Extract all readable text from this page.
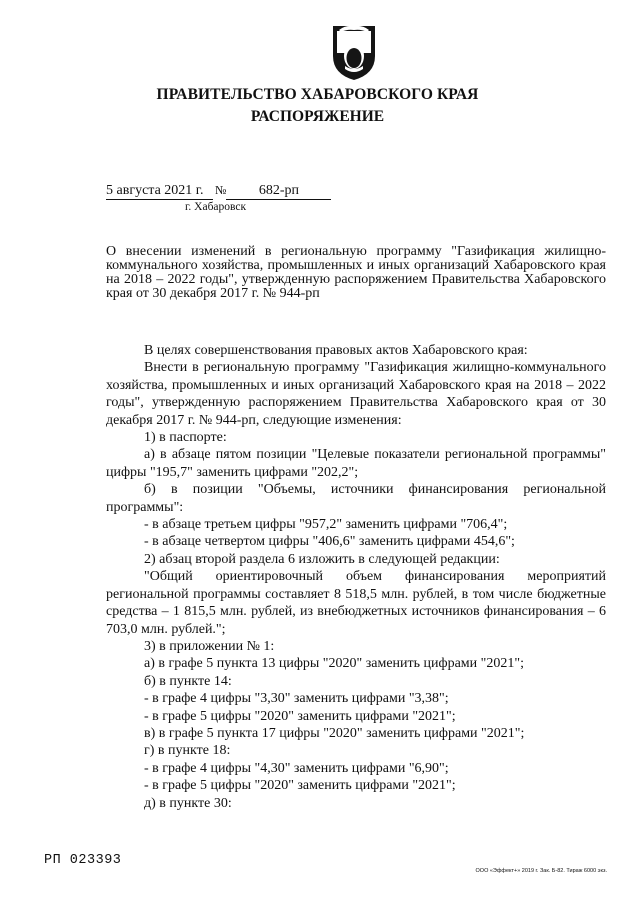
ПРАВИТЕЛЬСТВО ХАБАРОВСКОГО КРАЯ
РАСПОРЯЖЕНИЕ
5 августа 2021 г. № 682-рп
г. Хабаровск
О внесении изменений в региональную программу "Газификация жилищно-коммунального хозяйства, промышленных и иных организаций Хабаровского края на 2018 – 2022 годы", утвержденную распоряжением Правительства Хабаровского края от 30 декабря 2017 г. № 944-рп

В целях совершенствования правовых актов Хабаровского края:

Внести в региональную программу "Газификация жилищно-коммунального хозяйства, промышленных и иных организаций Хабаровского края на 2018 – 2022 годы", утвержденную распоряжением Правительства Хабаровского края от 30 декабря 2017 г. № 944-рп, следующие изменения:

1) в паспорте:

а) в абзаце пятом позиции "Целевые показатели региональной программы" цифры "195,7" заменить цифрами "202,2";

б) в позиции "Объемы, источники финансирования региональной программы":

- в абзаце третьем цифры "957,2" заменить цифрами "706,4";

- в абзаце четвертом цифры "406,6" заменить цифрами 454,6";

2) абзац второй раздела 6 изложить в следующей редакции:

"Общий ориентировочный объем финансирования мероприятий региональной программы составляет 8 518,5 млн. рублей, в том числе бюджетные средства – 1 815,5 млн. рублей, из внебюджетных источников финансирования – 6 703,0 млн. рублей.";

3) в приложении № 1:

а) в графе 5 пункта 13 цифры "2020" заменить цифрами "2021";

б) в пункте 14:

- в графе 4 цифры "3,30" заменить цифрами "3,38";

- в графе 5 цифры "2020" заменить цифрами "2021";

в) в графе 5 пункта 17 цифры "2020" заменить цифрами "2021";

г) в пункте 18:

- в графе 4 цифры "4,30" заменить цифрами "6,90";

- в графе 5 цифры "2020" заменить цифрами "2021";

д) в пункте 30:

РП 023393
ООО «Эффект+» 2019 г. Зак. Б-82. Тираж 6000 экз.
